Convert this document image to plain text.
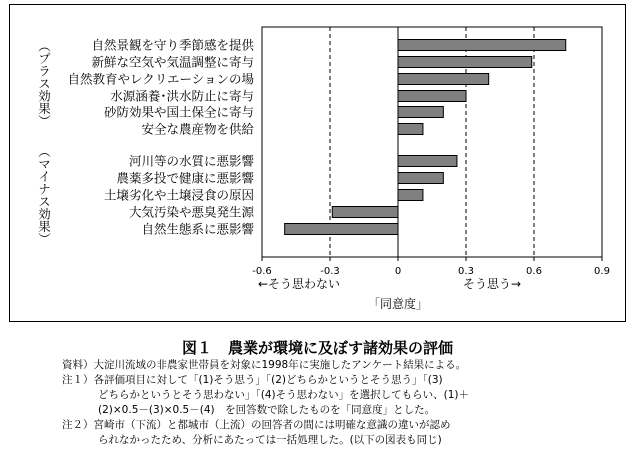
-0.6	-0.3	0	0.3	0.6	0.9
自然景観を守り季節感を提供
新鮮な空気や気温調整に寄与
自然教育やレクリエーションの場
水源涵養･洪水防止に寄与
砂防効果や国土保全に寄与
安全な農産物を供給
河川等の水質に悪影響
農薬多投で健康に悪影響
土壌劣化や土壌浸食の原因
大気汚染や悪臭発生源
自然生態系に悪影響
（プラス効果）
（マイナス効果）
←そう思わない	そう思う→
「同意度」
図１ 農業が環境に及ぼす諸効果の評価
資料）大淀川流域の非農家世帯員を対象に1998年に実施したアンケート結果による。
注１）各評価項目に対して「(1)そう思う」「(2)どちらかというとそう思う」「(3)
どちらかというとそう思わない」「(4)そう思わない」を選択してもらい、(1)＋
(2)×0.5－(3)×0.5－(4)　を回答数で除したものを「同意度」とした。
注２）宮崎市（下流）と都城市（上流）の回答者の間には明確な意識の違いが認め
られなかったため、分析にあたっては一括処理した。(以下の図表も同じ)
